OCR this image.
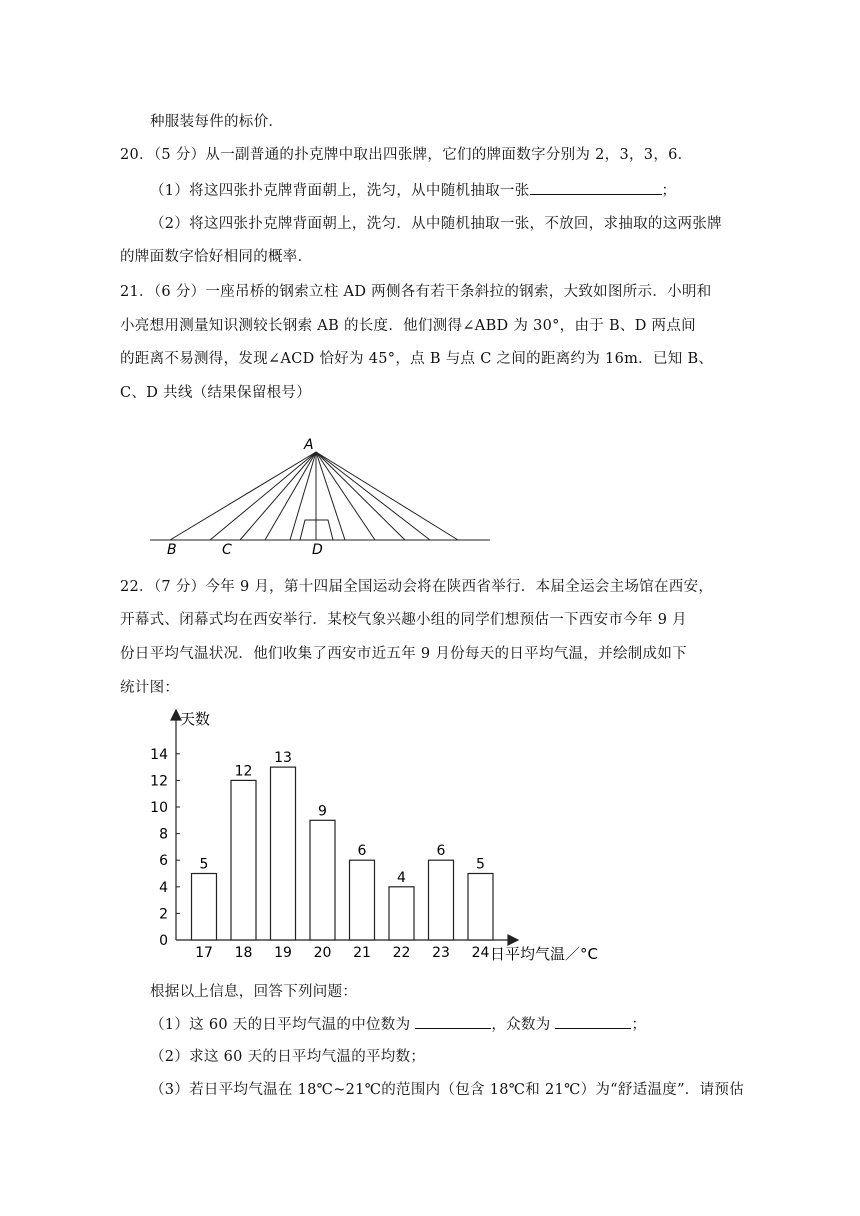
种服装每件的标价．
20．（5 分）从一副普通的扑克牌中取出四张牌，它们的牌面数字分别为 2，3，3，6．
（1）将这四张扑克牌背面朝上，洗匀，从中随机抽取一张	；
（2）将这四张扑克牌背面朝上，洗匀．从中随机抽取一张，不放回，求抽取的这两张牌
的牌面数字恰好相同的概率．
21．（6 分）一座吊桥的钢索立柱 AD 两侧各有若干条斜拉的钢索，大致如图所示．小明和
小亮想用测量知识测较长钢索 AB 的长度．他们测得∠ABD 为 30°，由于 B、D 两点间
的距离不易测得，发现∠ACD 恰好为 45°，点 B 与点 C 之间的距离约为 16m．已知 B、
C、D 共线（结果保留根号）
A
B	C	D
22．（7 分）今年 9 月，第十四届全国运动会将在陕西省举行．本届全运会主场馆在西安，
开幕式、闭幕式均在西安举行．某校气象兴趣小组的同学们想预估一下西安市今年 9 月
份日平均气温状况．他们收集了西安市近五年 9 月份每天的日平均气温，并绘制成如下
统计图：
天数
日平均气温／°C
0
2
4
6
8
10
12
14
5
17
12
18
13
19
9
20
6
21
4
22
6
23
5
24
根据以上信息，回答下列问题：
（1）这 60 天的日平均气温的中位数为	，众数为	；
（2）求这 60 天的日平均气温的平均数；
（3）若日平均气温在 18℃~21℃的范围内（包含 18℃和 21℃）为“舒适温度”．请预估
